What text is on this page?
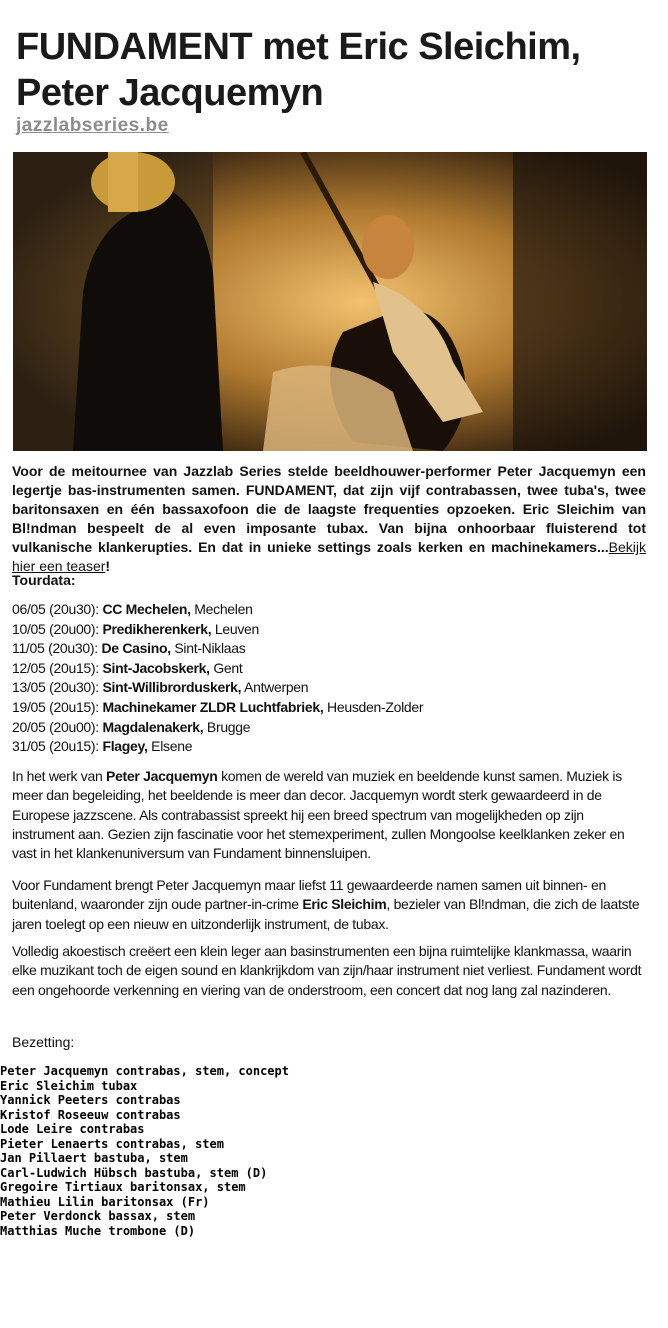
FUNDAMENT met Eric Sleichim, Peter Jacquemyn
jazzlabseries.be
Voor de meitournee van Jazzlab Series stelde beeldhouwer-performer Peter Jacquemyn een legertje bas-instrumenten samen. FUNDAMENT, dat zijn vijf contrabassen, twee tuba's, twee baritonsaxen en één bassaxofoon die de laagste frequenties opzoeken. Eric Sleichim van Bl!ndman bespeelt de al even imposante tubax. Van bijna onhoorbaar fluisterend tot vulkanische klankerupties. En dat in unieke settings zoals kerken en machinekamers...Bekijk hier een teaser!
Tourdata:
06/05 (20u30): CC Mechelen, Mechelen
10/05 (20u00): Predikherenkerk, Leuven
11/05 (20u30): De Casino, Sint-Niklaas
12/05 (20u15): Sint-Jacobskerk, Gent
13/05 (20u30): Sint-Willibrorduskerk, Antwerpen
19/05 (20u15): Machinekamer ZLDR Luchtfabriek, Heusden-Zolder
20/05 (20u00): Magdalenakerk, Brugge
31/05 (20u15): Flagey, Elsene
In het werk van Peter Jacquemyn komen de wereld van muziek en beeldende kunst samen. Muziek is meer dan begeleiding, het beeldende is meer dan decor. Jacquemyn wordt sterk gewaardeerd in de Europese jazzscene. Als contrabassist spreekt hij een breed spectrum van mogelijkheden op zijn instrument aan. Gezien zijn fascinatie voor het stemexperiment, zullen Mongoolse keelklanken zeker en vast in het klankenuniversum van Fundament binnensluipen.
Voor Fundament brengt Peter Jacquemyn maar liefst 11 gewaardeerde namen samen uit binnen- en buitenland, waaronder zijn oude partner-in-crime Eric Sleichim, bezieler van Bl!ndman, die zich de laatste jaren toelegt op een nieuw en uitzonderlijk instrument, de tubax.
Volledig akoestisch creëert een klein leger aan basinstrumenten een bijna ruimtelijke klankmassa, waarin elke muzikant toch de eigen sound en klankrijkdom van zijn/haar instrument niet verliest. Fundament wordt een ongehoorde verkenning en viering van de onderstroom, een concert dat nog lang zal nazinderen.
Bezetting:
Peter Jacquemyn contrabas, stem, concept
Eric Sleichim tubax
Yannick Peeters contrabas
Kristof Roseeuw contrabas
Lode Leire contrabas
Pieter Lenaerts contrabas, stem
Jan Pillaert bastuba, stem
Carl-Ludwich Hübsch bastuba, stem (D)
Gregoire Tirtiaux baritonsax, stem
Mathieu Lilin baritonsax (Fr)
Peter Verdonck bassax, stem
Matthias Muche trombone (D)
